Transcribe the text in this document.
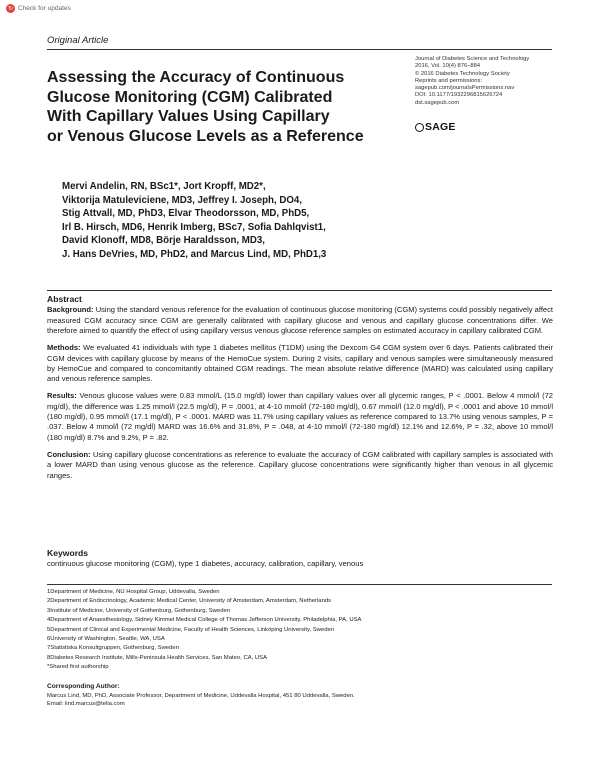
↻ Check for updates
Original Article
Journal of Diabetes Science and Technology
2016, Vol. 10(4) 876–884
© 2016 Diabetes Technology Society
Reprints and permissions:
sagepub.com/journalsPermissions.nav
DOI: 10.1177/1932296815626724
dst.sagepub.com
SAGE
Assessing the Accuracy of Continuous
Glucose Monitoring (CGM) Calibrated
With Capillary Values Using Capillary
or Venous Glucose Levels as a Reference
Mervi Andelin, RN, BSc1*, Jort Kropff, MD2*,
Viktorija Matuleviciene, MD3, Jeffrey I. Joseph, DO4,
Stig Attvall, MD, PhD3, Elvar Theodorsson, MD, PhD5,
Irl B. Hirsch, MD6, Henrik Imberg, BSc7, Sofia Dahlqvist1,
David Klonoff, MD8, Börje Haraldsson, MD3,
J. Hans DeVries, MD, PhD2, and Marcus Lind, MD, PhD1,3
Abstract

Background: Using the standard venous reference for the evaluation of continuous glucose monitoring (CGM) systems could possibly negatively affect measured CGM accuracy since CGM are generally calibrated with capillary glucose and venous and capillary glucose concentrations differ. We therefore aimed to quantify the effect of using capillary versus venous glucose reference samples on estimated accuracy in capillary calibrated CGM.

Methods: We evaluated 41 individuals with type 1 diabetes mellitus (T1DM) using the Dexcom G4 CGM system over 6 days. Patients calibrated their CGM devices with capillary glucose by means of the HemoCue system. During 2 visits, capillary and venous samples were simultaneously measured by HemoCue and compared to concomitantly obtained CGM readings. The mean absolute relative difference (MARD) was calculated using capillary and venous reference samples.

Results: Venous glucose values were 0.83 mmol/L (15.0 mg/dl) lower than capillary values over all glycemic ranges, P < .0001. Below 4 mmol/l (72 mg/dl), the difference was 1.25 mmol/l (22.5 mg/dl), P = .0001, at 4-10 mmol/l (72-180 mg/dl), 0.67 mmol/l (12.0 mg/dl), P < .0001 and above 10 mmol/l (180 mg/dl), 0.95 mmol/l (17.1 mg/dl), P < .0001. MARD was 11.7% using capillary values as reference compared to 13.7% using venous samples, P = .037. Below 4 mmol/l (72 mg/dl) MARD was 16.6% and 31.8%, P = .048, at 4-10 mmol/l (72-180 mg/dl) 12.1% and 12.6%, P = .32, above 10 mmol/l (180 mg/dl) 8.7% and 9.2%, P = .82.

Conclusion: Using capillary glucose concentrations as reference to evaluate the accuracy of CGM calibrated with capillary samples is associated with a lower MARD than using venous glucose as the reference. Capillary glucose concentrations were significantly higher than venous in all glycemic ranges.

Keywords
continuous glucose monitoring (CGM), type 1 diabetes, accuracy, calibration, capillary, venous
1Department of Medicine, NU Hospital Group, Uddevalla, Sweden
2Department of Endocrinology, Academic Medical Center, University of Amsterdam, Amsterdam, Netherlands
3Institute of Medicine, University of Gothenburg, Gothenburg, Sweden
4Department of Anaesthesiology, Sidney Kimmel Medical College of Thomas Jefferson University, Philadelphia, PA, USA
5Department of Clinical and Experimental Medicine, Faculty of Health Sciences, Linköping University, Sweden
6University of Washington, Seattle, WA, USA
7Statistiska Konsultgruppen, Gothenburg, Sweden
8Diabetes Research Institute, Mills-Peninsula Health Services, San Mateo, CA, USA
*Shared first authorship
Corresponding Author:
Marcus Lind, MD, PhD, Associate Professor, Department of Medicine, Uddevalla Hospital, 451 80 Uddevalla, Sweden.
Email: lind.marcus@telia.com
